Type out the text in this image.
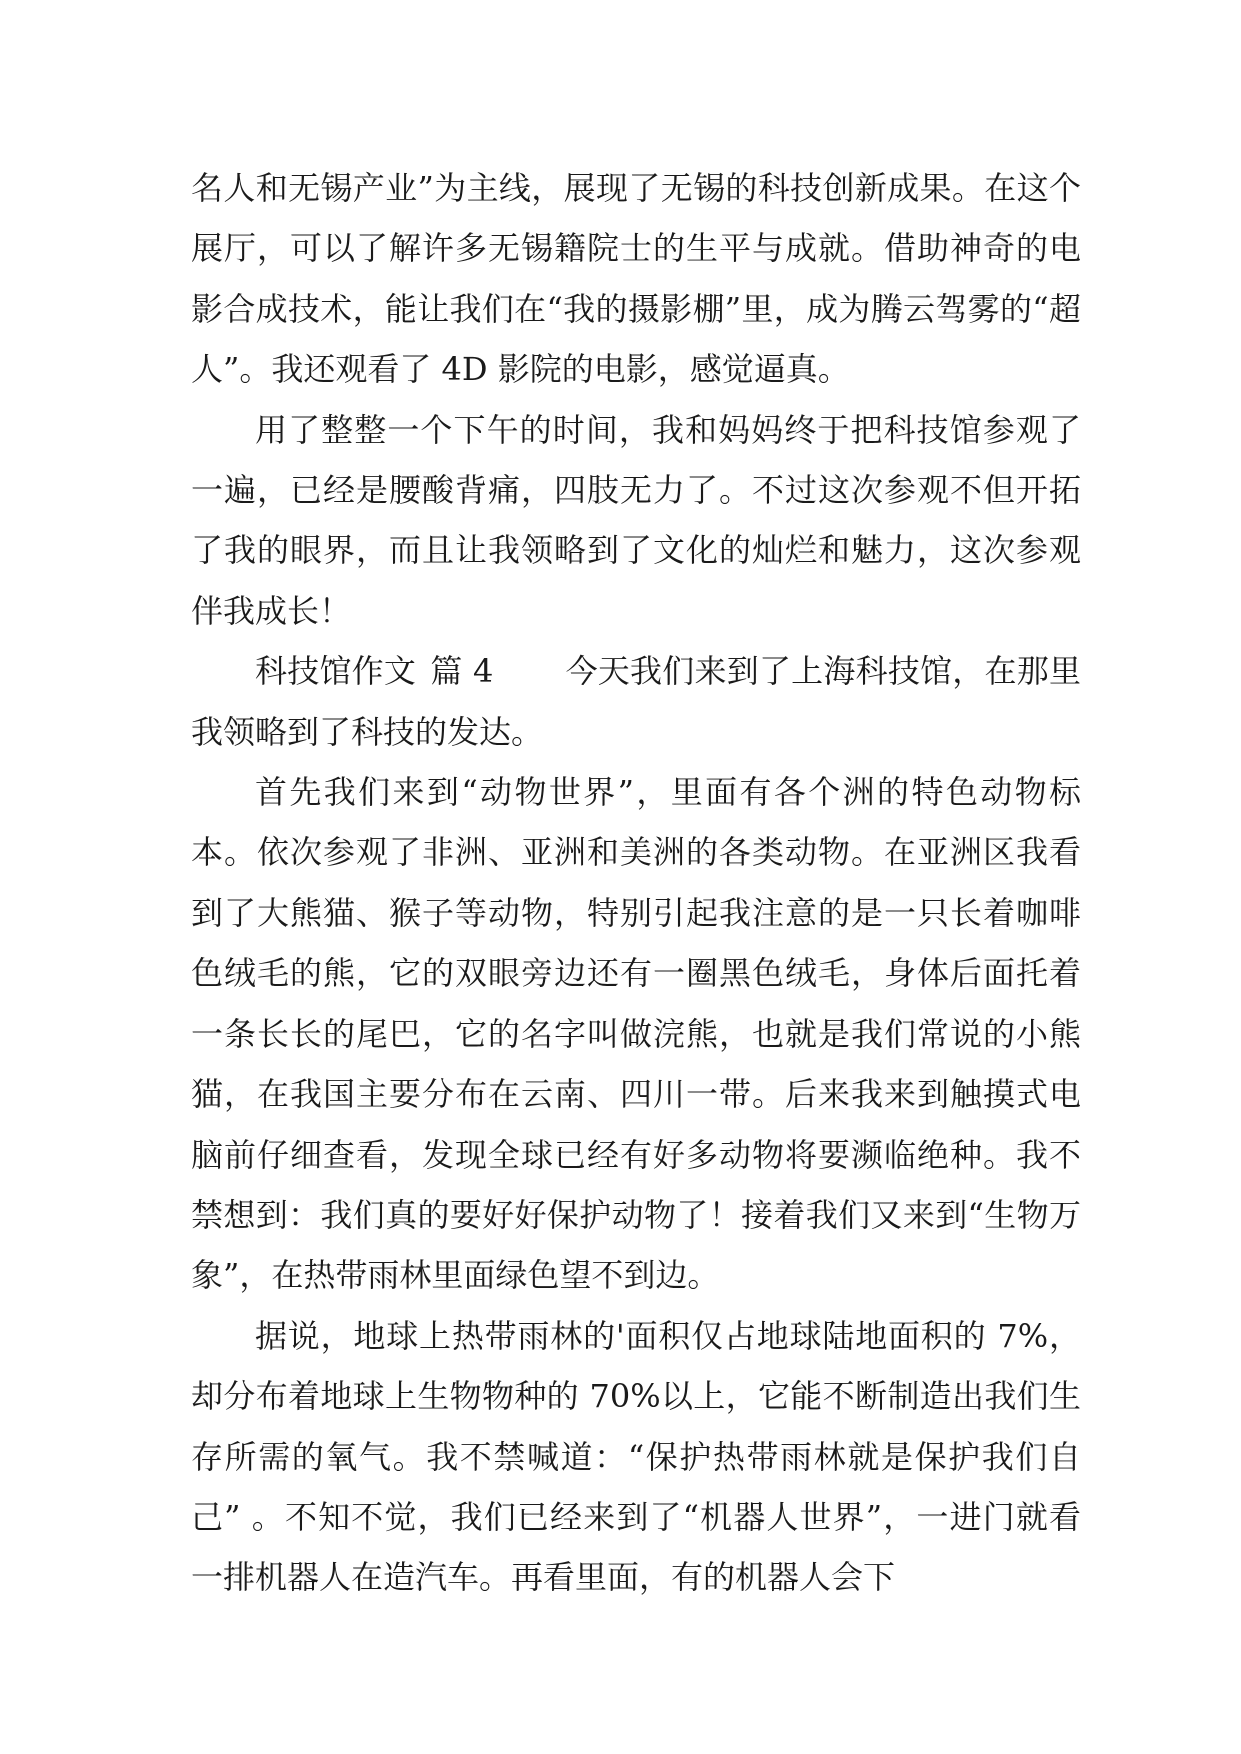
名人和无锡产业”为主线，展现了无锡的科技创新成果。在这个展厅，可以了解许多无锡籍院士的生平与成就。借助神奇的电影合成技术，能让我们在“我的摄影棚”里，成为腾云驾雾的“超人”。我还观看了 4D 影院的电影，感觉逼真。

用了整整一个下午的时间，我和妈妈终于把科技馆参观了一遍，已经是腰酸背痛，四肢无力了。不过这次参观不但开拓了我的眼界，而且让我领略到了文化的灿烂和魅力，这次参观伴我成长！

科技馆作文 篇 4 今天我们来到了上海科技馆，在那里我领略到了科技的发达。

首先我们来到“动物世界”，里面有各个洲的特色动物标本。依次参观了非洲、亚洲和美洲的各类动物。在亚洲区我看到了大熊猫、猴子等动物，特别引起我注意的是一只长着咖啡色绒毛的熊，它的双眼旁边还有一圈黑色绒毛，身体后面托着一条长长的尾巴，它的名字叫做浣熊，也就是我们常说的小熊猫，在我国主要分布在云南、四川一带。后来我来到触摸式电脑前仔细查看，发现全球已经有好多动物将要濒临绝种。我不禁想到：我们真的要好好保护动物了！接着我们又来到“生物万象”，在热带雨林里面绿色望不到边。

据说，地球上热带雨林的'面积仅占地球陆地面积的 7%，却分布着地球上生物物种的 70%以上，它能不断制造出我们生存所需的氧气。我不禁喊道：“保护热带雨林就是保护我们自己” 。不知不觉，我们已经来到了“机器人世界”，一进门就看一排机器人在造汽车。再看里面，有的机器人会下
